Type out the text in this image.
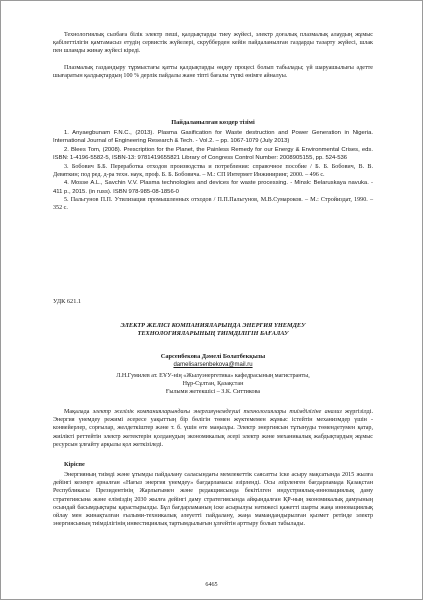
Технологиялық сызбаға білік электр пеші, қалдықтарды тиеу жүйесі, электр доғалық плазмалық алаудың жұмыс қабілеттілігін қамтамасыз етудің сервистік жүйелері, скрубберден кейін пайдаланылған газдарды тазарту жүйесі, шлак пен шламды жинау жүйесі кіреді.

Плазмалық газдандыру тұрмыстағы қатты қалдықтарды өңдеу процесі болып табылады; үй шаруашылығы әдетте шығаратын қалдықтардың 100 % дерлік пайдалы жане тіпті бағалы түпкі өнімге айналуы.

Пайдаланылған көздер тізімі

1. Anyaegbunam F.N.C., (2013). Plasma Gasification for Waste destruction and Power Generation in Nigeria. International Journal of Engineering Research & Tech. - Vol.2. – pp. 1067-1079 (July 2013)

2. Blees Tom, (2008). Prescription for the Planet, the Painless Remedy for our Energy & Environmental Crises, eds. ISBN: 1-4196-5582-5, ISBN-13: 9781419655821 Library of Congress Control Number: 2008905155, pp. 524-536

3. Бобович Б.Б. Переработка отходов производства и потребления: справочное пособие / Б. Б. Бобович, В. В. Девяткин; под ред. д-ра техн. наук, проф. Б. Б. Бобовича. – М.: СП Интермет Инжиниринг, 2000. – 496 с.

4. Mosse A.L., Savchin V.V. Plasma technologies and devices for waste processing. - Minsk: Belaruskaya navuka. - 411 p., 2015. (in russ). ISBN 978-985-08-1856-0

5. Пальгунов П.П. Утилизация промышленных отходов / П.П.Пальгунов, М.В.Сумароков. – М.: Стройиздат, 1990. – 352 с.

УДК 621.1
ЭЛЕКТР ЖЕЛІСІ КОМПАНИЯЛАРЫНДА ЭНЕРГИЯ ҮНЕМДЕУ
ТЕХНОЛОГИЯЛАРЫНЫҢ ТИІМДІЛІГІН БАҒАЛАУ
Сарсенбекова Дәмелі Болатбекқызы
damelisarsenbekova@mail.ru
Л.Н.Гумилев ат. ЕҰУ-нің «Жылуэнергетика» кафедрасының магистранты,
Нұр-Сұлтан, Қазақстан
Ғылыми жетекшісі – З.К. Ситтикова

Мақалада электр желілік компанияларындағы энергияүнемдеуші технологиялары тиімділігіне анализ жүргізілді. Энергия үнемдеу режимі әсересе уақыттың бір бөлігін төмен жүктемемен жұмыс істейтін механизмдер үшін - конвейерлер, сорғылар, желдеткіштер және т. б. үшін өте маңызды. Электр энергиясын тұтынуды төмендетумен қатар, жиілікті реттейтін электр жетектерін қолданудың экономикалық әсері электр және механикалық жабдықтардың жұмыс ресурсын ұлғайту арқылы қол жеткізіледі.

Кіріспе

Энергияның тиімді және ұтымды пайдалану саласындағы мемлекеттік саясатты іске асыру мақсатында 2015 жылға дейінгі кезеңге арналған «Нағыз энергия үнемдеу» бағдарламасы әзірленді. Осы әзірленген бағдарламада Қазақстан Республикасы Президентінің Жарлығымен және редакциясында бекітілген индустриялық-инновациялық даму стратегиясына және еліміздің 2030 жылға дейінгі даму стратегиясында айқындалған ҚР-ның экономикалық дамуының осындай басымдықтары қарастырылды. Бұл бағдарламаның іске асырылуы нәтижесі қажетті шарты жаңа инновациялық ойлау мен жинақталған ғылыми-техникалық әлеуетті пайдалану, жаңа мамандандырылған қызмет ретінде электр энергиясының тиімділігінің инвестициялық тартымдылығын ұлғейтін арттыру болып табылады.

6465
